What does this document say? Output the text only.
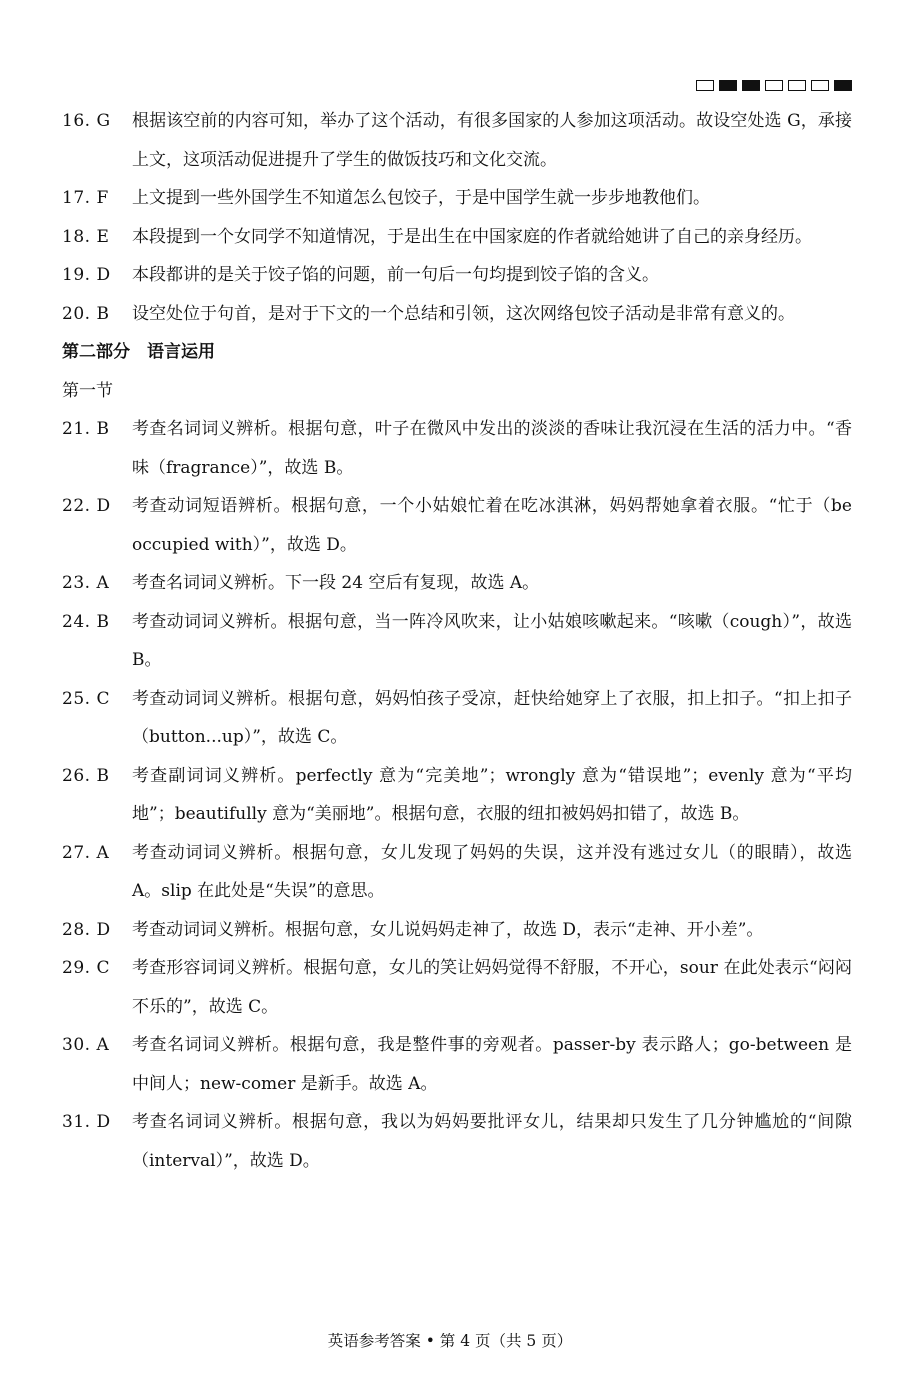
16. G	根据该空前的内容可知，举办了这个活动，有很多国家的人参加这项活动。故设空处选 G，承接上文，这项活动促进提升了学生的做饭技巧和文化交流。
17. F	上文提到一些外国学生不知道怎么包饺子，于是中国学生就一步步地教他们。
18. E	本段提到一个女同学不知道情况，于是出生在中国家庭的作者就给她讲了自己的亲身经历。
19. D	本段都讲的是关于饺子馅的问题，前一句后一句均提到饺子馅的含义。
20. B	设空处位于句首，是对于下文的一个总结和引领，这次网络包饺子活动是非常有意义的。
第二部分　语言运用
第一节
21. B	考查名词词义辨析。根据句意，叶子在微风中发出的淡淡的香味让我沉浸在生活的活力中。“香味（fragrance）”，故选 B。
22. D	考查动词短语辨析。根据句意，一个小姑娘忙着在吃冰淇淋，妈妈帮她拿着衣服。“忙于（be occupied with）”，故选 D。
23. A	考查名词词义辨析。下一段 24 空后有复现，故选 A。
24. B	考查动词词义辨析。根据句意，当一阵冷风吹来，让小姑娘咳嗽起来。“咳嗽（cough）”，故选 B。
25. C	考查动词词义辨析。根据句意，妈妈怕孩子受凉，赶快给她穿上了衣服，扣上扣子。“扣上扣子（button...up）”，故选 C。
26. B	考查副词词义辨析。perfectly 意为“完美地”；wrongly 意为“错误地”；evenly 意为“平均地”；beautifully 意为“美丽地”。根据句意，衣服的纽扣被妈妈扣错了，故选 B。
27. A	考查动词词义辨析。根据句意，女儿发现了妈妈的失误，这并没有逃过女儿（的眼睛），故选 A。slip 在此处是“失误”的意思。
28. D	考查动词词义辨析。根据句意，女儿说妈妈走神了，故选 D，表示“走神、开小差”。
29. C	考查形容词词义辨析。根据句意，女儿的笑让妈妈觉得不舒服，不开心，sour 在此处表示“闷闷不乐的”，故选 C。
30. A	考查名词词义辨析。根据句意，我是整件事的旁观者。passer-by 表示路人；go-between 是中间人；new-comer 是新手。故选 A。
31. D	考查名词词义辨析。根据句意，我以为妈妈要批评女儿，结果却只发生了几分钟尴尬的“间隙（interval）”，故选 D。
英语参考答案 • 第 4 页（共 5 页）
